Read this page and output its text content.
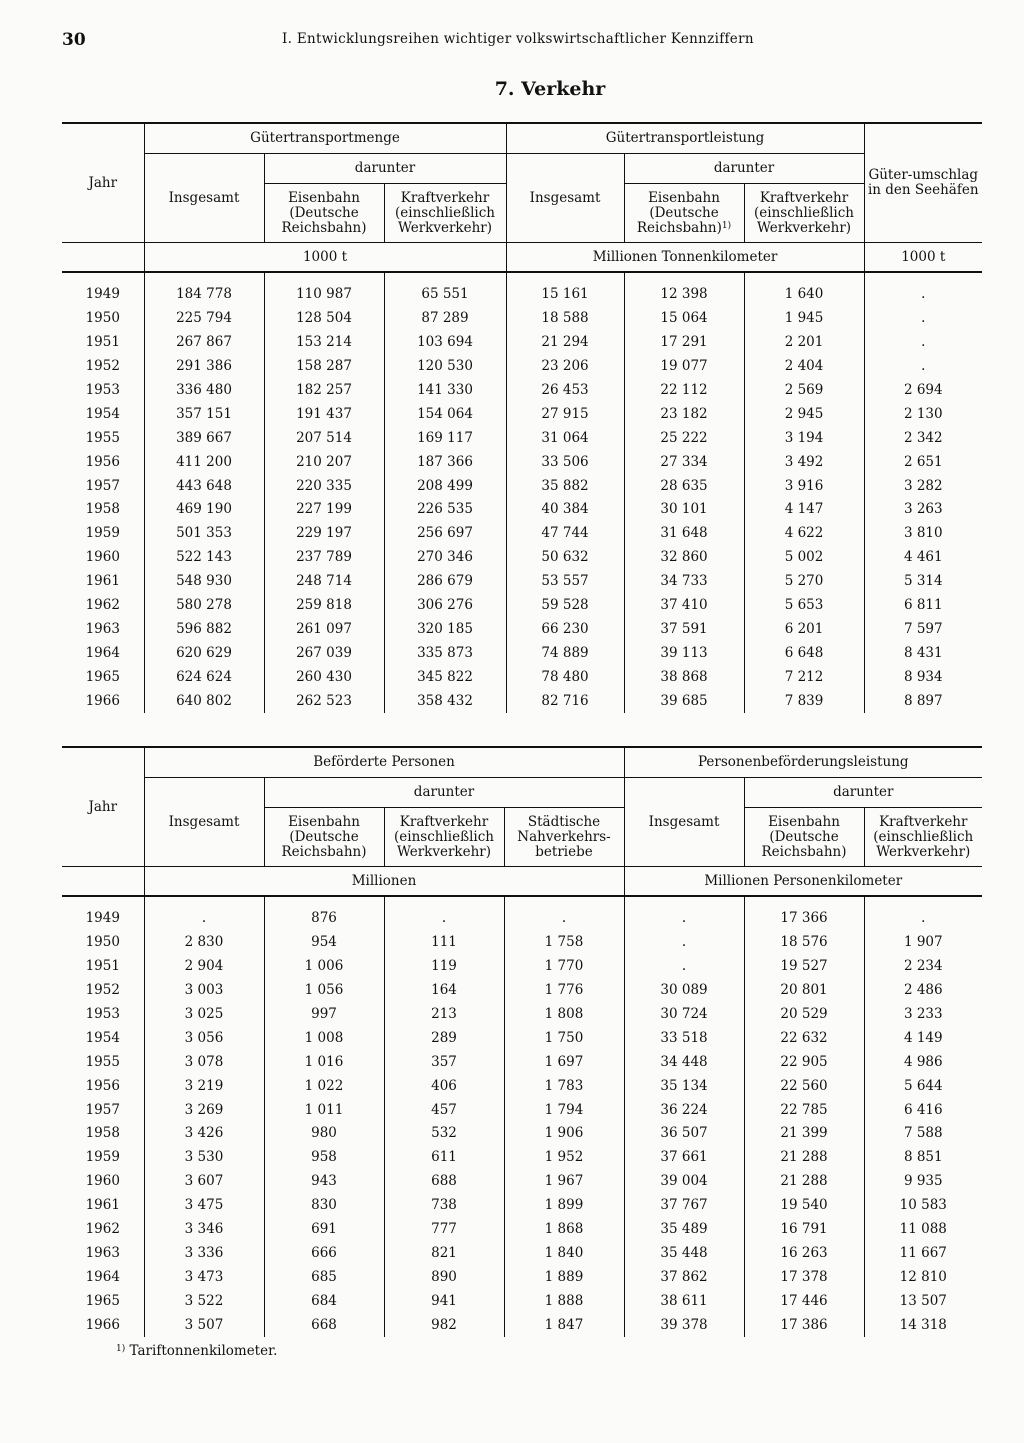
30	I. Entwicklungsreihen wichtiger volkswirtschaftlicher Kennziffern
7. Verkehr
Jahr	Gütertransportmenge			Gütertransportleistung			Güter-umschlag in den Seehäfen
	Insgesamt	darunter		Insgesamt	darunter		
		Eisenbahn (Deutsche Reichsbahn)	Kraftverkehr (einschließlich Werkverkehr)		Eisenbahn (Deutsche Reichsbahn)$^{1)}$	Kraftverkehr (einschließlich Werkverkehr)	
	1000 t			Millionen Tonnenkilometer			1000 t

1949	184 778	110 987	65 551	15 161	12 398	1 640	.
1950	225 794	128 504	87 289	18 588	15 064	1 945	.
1951	267 867	153 214	103 694	21 294	17 291	2 201	.
1952	291 386	158 287	120 530	23 206	19 077	2 404	.
1953	336 480	182 257	141 330	26 453	22 112	2 569	2 694
1954	357 151	191 437	154 064	27 915	23 182	2 945	2 130
1955	389 667	207 514	169 117	31 064	25 222	3 194	2 342
1956	411 200	210 207	187 366	33 506	27 334	3 492	2 651
1957	443 648	220 335	208 499	35 882	28 635	3 916	3 282
1958	469 190	227 199	226 535	40 384	30 101	4 147	3 263
1959	501 353	229 197	256 697	47 744	31 648	4 622	3 810
1960	522 143	237 789	270 346	50 632	32 860	5 002	4 461
1961	548 930	248 714	286 679	53 557	34 733	5 270	5 314
1962	580 278	259 818	306 276	59 528	37 410	5 653	6 811
1963	596 882	261 097	320 185	66 230	37 591	6 201	7 597
1964	620 629	267 039	335 873	74 889	39 113	6 648	8 431
1965	624 624	260 430	345 822	78 480	38 868	7 212	8 934
1966	640 802	262 523	358 432	82 716	39 685	7 839	8 897
Jahr	Beförderte Personen				Personenbeförderungsleistung		
	Insgesamt	darunter			Insgesamt	darunter	
		Eisenbahn (Deutsche Reichsbahn)	Kraftverkehr (einschließlich Werkverkehr)	Städtische Nahverkehrs-betriebe		Eisenbahn (Deutsche Reichsbahn)	Kraftverkehr (einschließlich Werkverkehr)
	Millionen				Millionen Personenkilometer		

1949	.	876	.	.	.	17 366	.
1950	2 830	954	111	1 758	.	18 576	1 907
1951	2 904	1 006	119	1 770	.	19 527	2 234
1952	3 003	1 056	164	1 776	30 089	20 801	2 486
1953	3 025	997	213	1 808	30 724	20 529	3 233
1954	3 056	1 008	289	1 750	33 518	22 632	4 149
1955	3 078	1 016	357	1 697	34 448	22 905	4 986
1956	3 219	1 022	406	1 783	35 134	22 560	5 644
1957	3 269	1 011	457	1 794	36 224	22 785	6 416
1958	3 426	980	532	1 906	36 507	21 399	7 588
1959	3 530	958	611	1 952	37 661	21 288	8 851
1960	3 607	943	688	1 967	39 004	21 288	9 935
1961	3 475	830	738	1 899	37 767	19 540	10 583
1962	3 346	691	777	1 868	35 489	16 791	11 088
1963	3 336	666	821	1 840	35 448	16 263	11 667
1964	3 473	685	890	1 889	37 862	17 378	12 810
1965	3 522	684	941	1 888	38 611	17 446	13 507
1966	3 507	668	982	1 847	39 378	17 386	14 318
$^{1)}$ Tariftonnenkilometer.
